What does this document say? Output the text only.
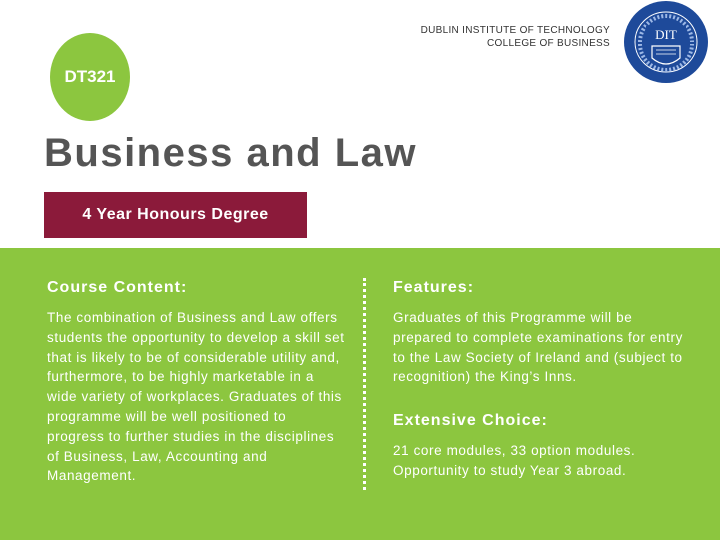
DUBLIN INSTITUTE OF TECHNOLOGY
COLLEGE OF BUSINESS
DIT
DT321
Business and Law
4 Year Honours Degree
Course Content:

The combination of Business and Law offers students the opportunity to develop a skill set that is likely to be of considerable utility and, furthermore, to be highly marketable in a wide variety of workplaces. Graduates of this programme will be well positioned to progress to further studies in the disciplines of Business, Law, Accounting and Management.

Features:

Graduates of this Programme will be prepared to complete examinations for entry to the Law Society of Ireland and (subject to recognition) the King’s Inns.

Extensive Choice:

21 core modules, 33 option modules. Opportunity to study Year 3 abroad.
